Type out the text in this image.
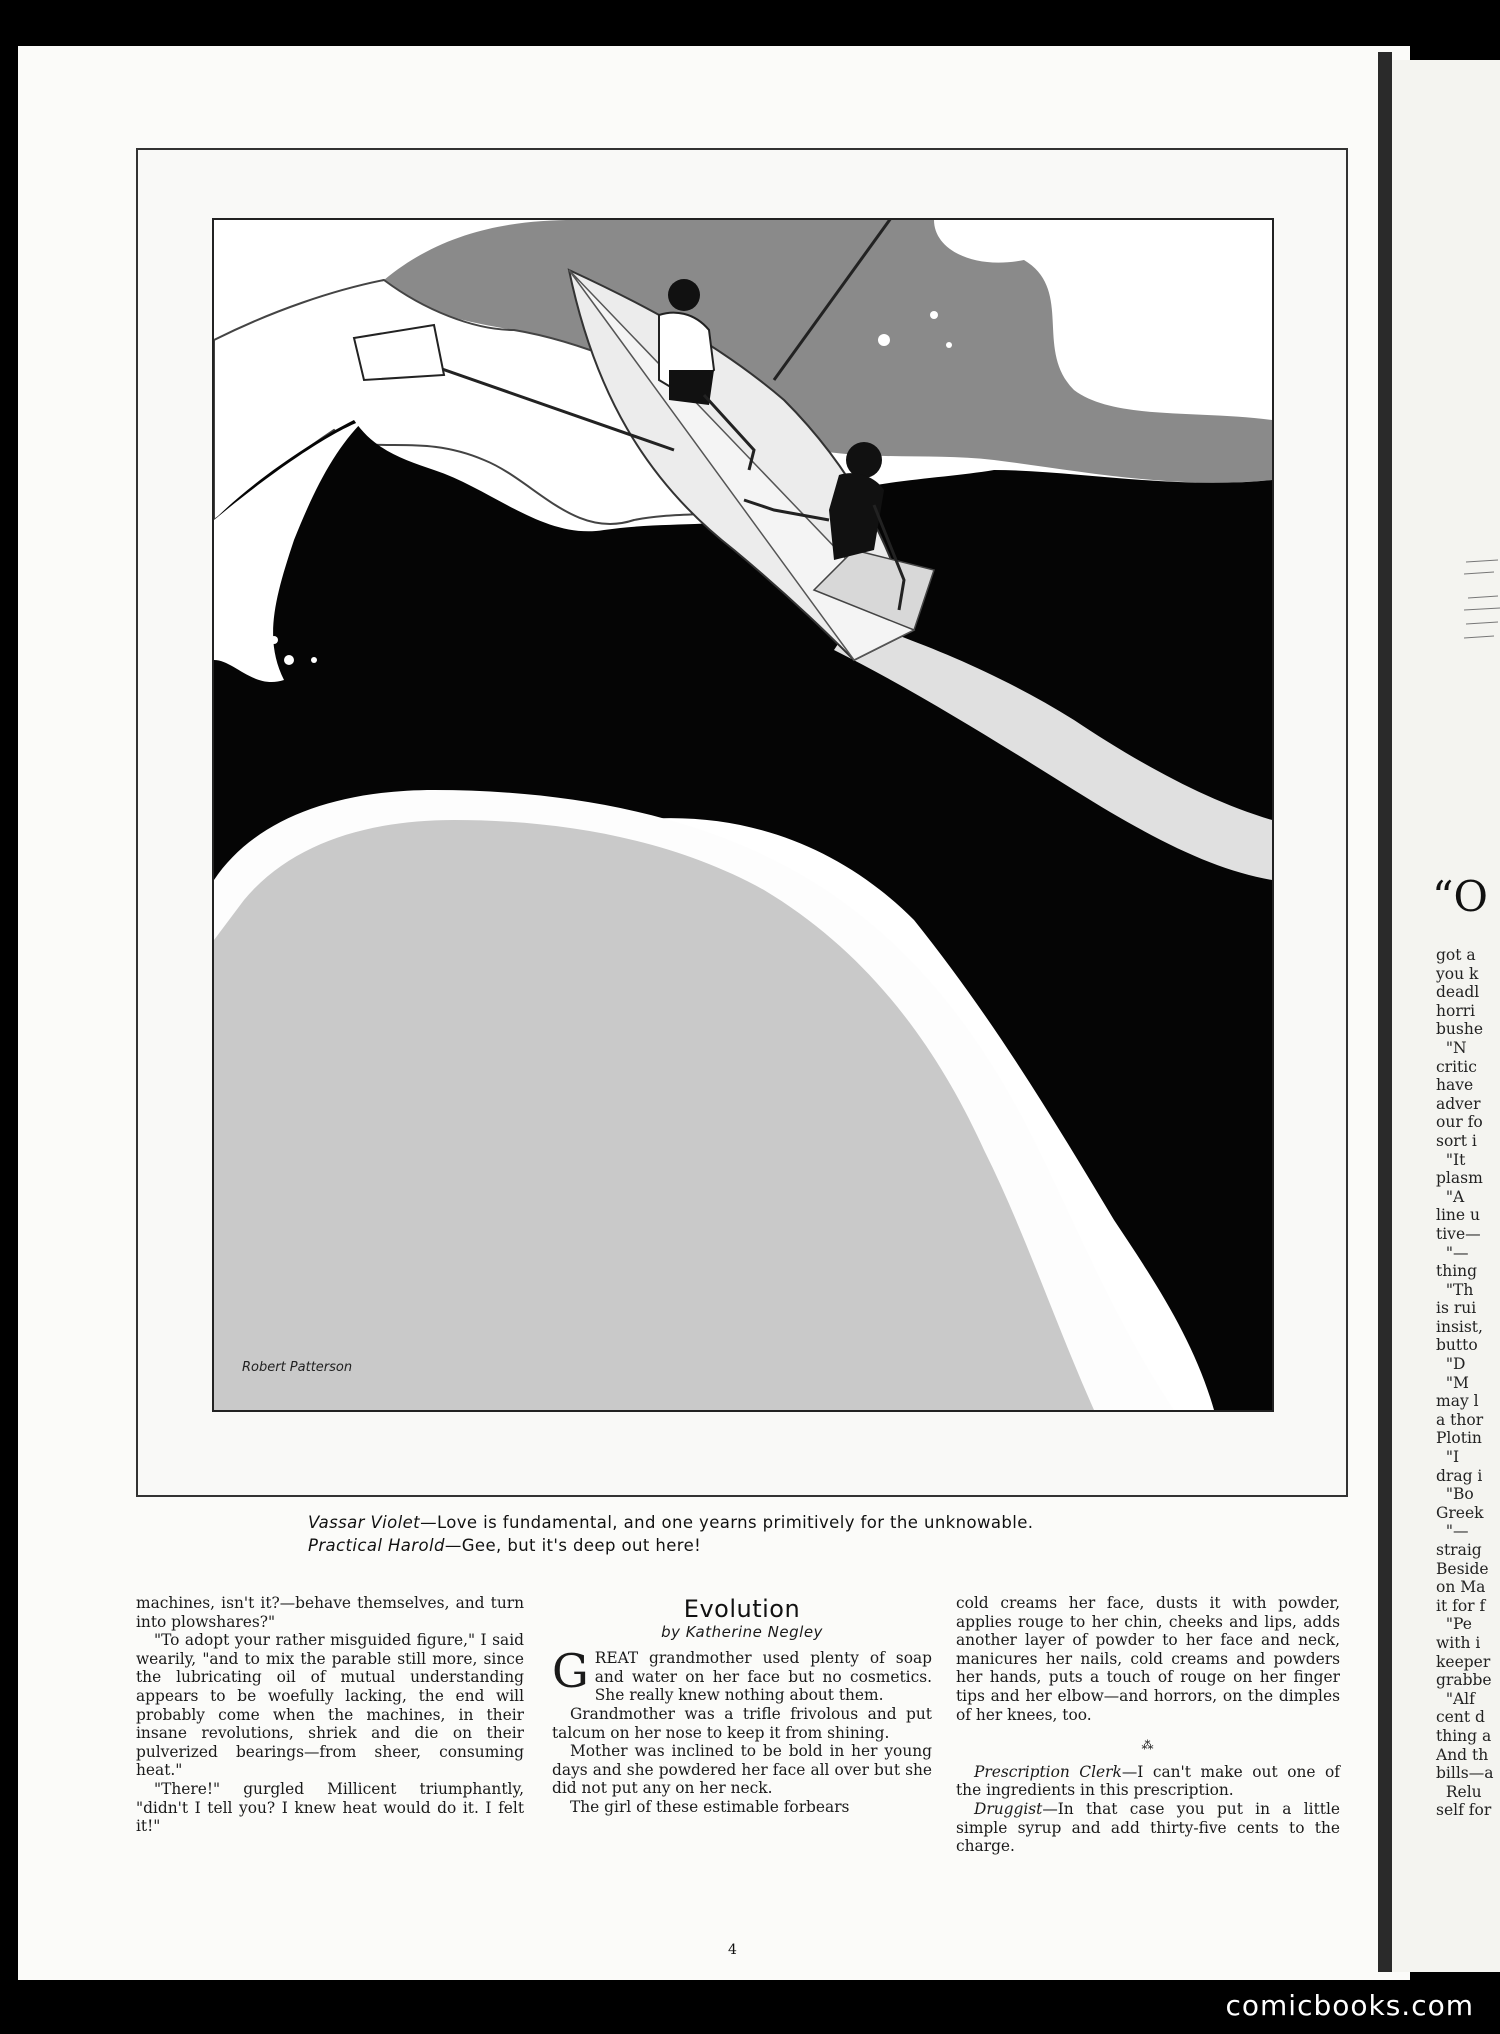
“O
got a
you k
deadl
horri
bushe
"N
critic
have
adver
our fo
sort i
"It
plasm
"A
line u
tive—
"—
thing
"Th
is rui
insist,
butto
"D
"M
may l
a thor
Plotin
"I
drag i
"Bo
Greek
"—
straig
Beside
on Ma
it for f
"Pe
with i
keeper
grabbe
"Alf
cent d
thing a
And th
bills—a
Relu
self for
Robert Patterson
Vassar Violet—Love is fundamental, and one yearns primitively for the unknowable.
Practical Harold—Gee, but it's deep out here!

machines, isn't it?—behave themselves, and turn into plowshares?"

"To adopt your rather misguided figure," I said wearily, "and to mix the parable still more, since the lubricating oil of mutual understanding appears to be woefully lacking, the end will probably come when the machines, in their insane revolutions, shriek and die on their pulverized bearings—from sheer, consuming heat."

"There!" gurgled Millicent triumphantly, "didn't I tell you? I knew heat would do it. I felt it!"

Evolution
by Katherine Negley

GREAT grandmother used plenty of soap and water on her face but no cosmetics. She really knew nothing about them.

Grandmother was a trifle frivolous and put talcum on her nose to keep it from shining.

Mother was inclined to be bold in her young days and she powdered her face all over but she did not put any on her neck.

The girl of these estimable forbears

cold creams her face, dusts it with powder, applies rouge to her chin, cheeks and lips, adds another layer of powder to her face and neck, manicures her nails, cold creams and powders her hands, puts a touch of rouge on her finger tips and her elbow—and horrors, on the dimples of her knees, too.

⁂

Prescription Clerk—I can't make out one of the ingredients in this prescription.

Druggist—In that case you put in a little simple syrup and add thirty-five cents to the charge.

4
comicbooks.com
